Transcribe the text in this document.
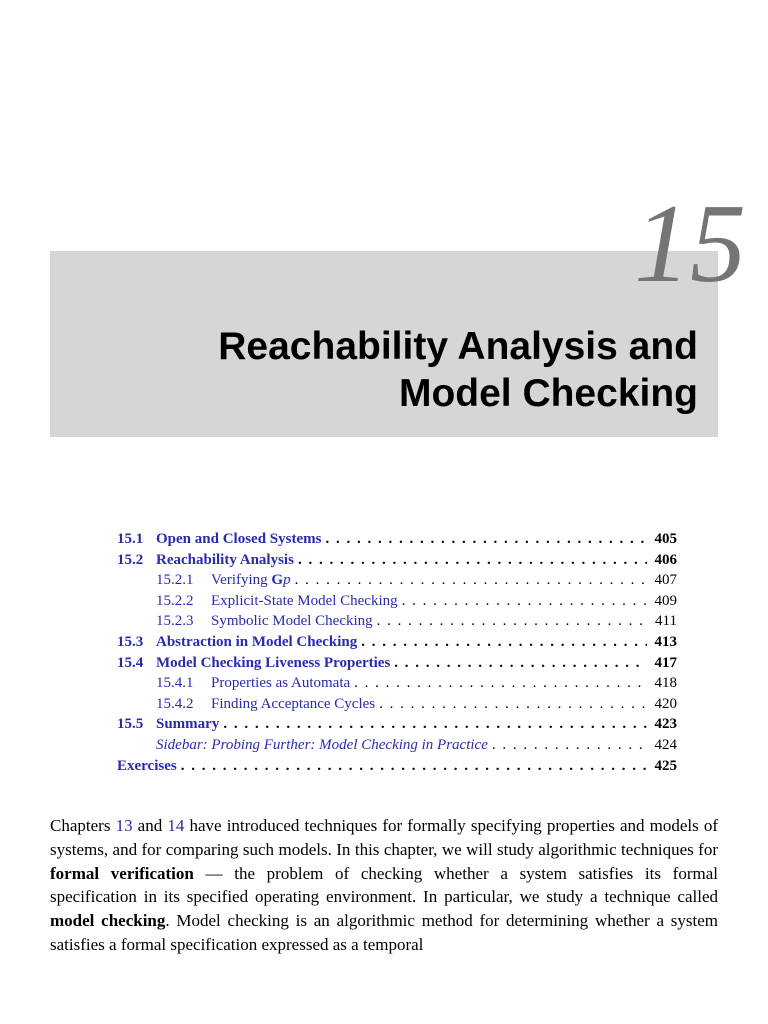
15
Reachability Analysis and
Model Checking
15.1 Open and Closed Systems . . .	405
15.2 Reachability Analysis . . .	406
15.2.1	Verifying Gp . . .	407
15.2.2	Explicit-State Model Checking . . .	409
15.2.3	Symbolic Model Checking . . .	411
15.3 Abstraction in Model Checking . . .	413
15.4 Model Checking Liveness Properties . . .	417
15.4.1	Properties as Automata . . .	418
15.4.2	Finding Acceptance Cycles . . .	420
15.5 Summary . . .	423
Sidebar: Probing Further: Model Checking in Practice . . .	424
Exercises . . .	425

Chapters 13 and 14 have introduced techniques for formally specifying properties and models of systems, and for comparing such models. In this chapter, we will study algorithmic techniques for formal verification — the problem of checking whether a system satisfies its formal specification in its specified operating environment. In particular, we study a technique called model checking. Model checking is an algorithmic method for determining whether a system satisfies a formal specification expressed as a temporal
